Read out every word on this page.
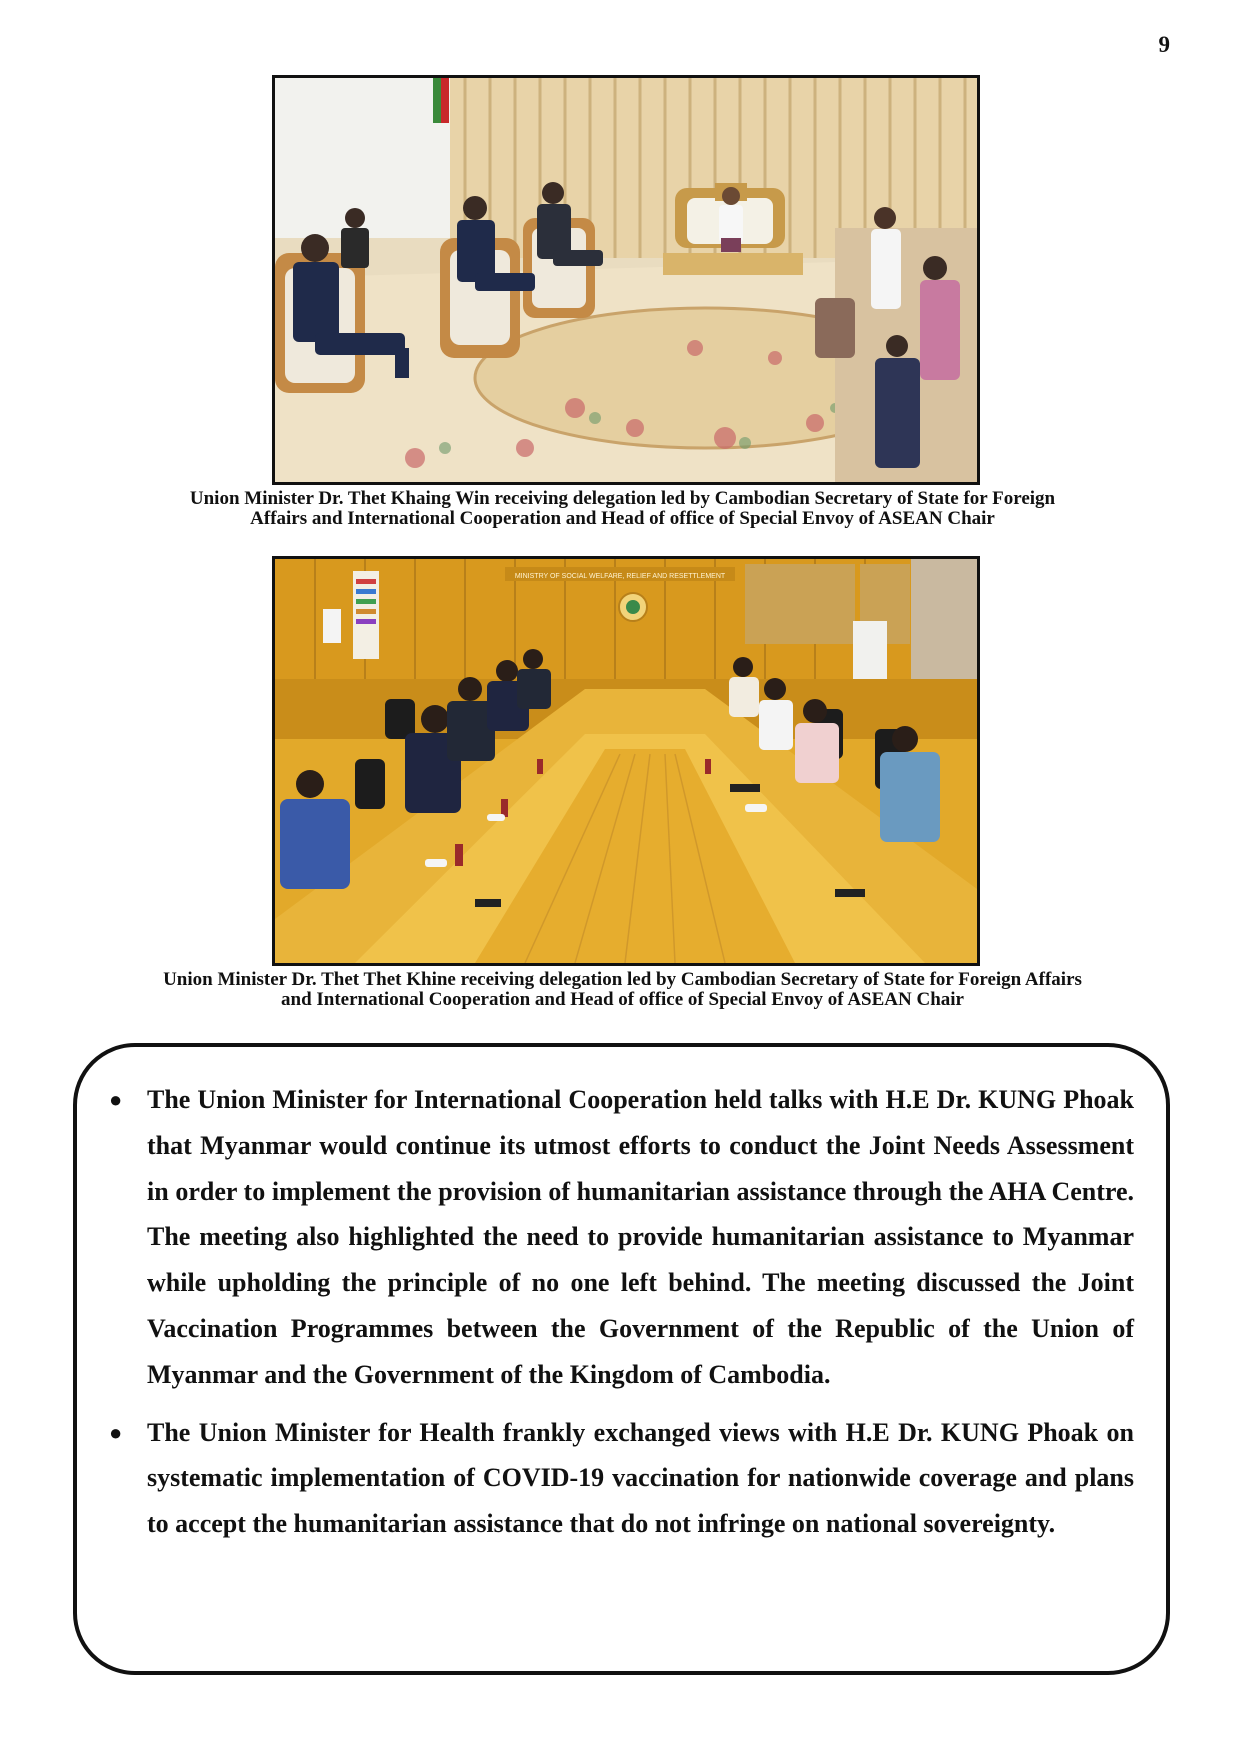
9
Union Minister Dr. Thet Khaing Win receiving delegation led by Cambodian Secretary of State for Foreign Affairs and International Cooperation and Head of office of Special Envoy of ASEAN Chair
MINISTRY OF SOCIAL WELFARE, RELIEF AND RESETTLEMENT
Union Minister Dr. Thet Thet Khine receiving delegation led by Cambodian Secretary of State for Foreign Affairs and International Cooperation and Head of office of Special Envoy of ASEAN Chair
● The Union Minister for International Cooperation held talks with H.E Dr. KUNG Phoak that Myanmar would continue its utmost efforts to conduct the Joint Needs Assessment in order to implement the provision of humanitarian assistance through the AHA Centre. The meeting also highlighted the need to provide humanitarian assistance to Myanmar while upholding the principle of no one left behind. The meeting discussed the Joint Vaccination Programmes between the Government of the Republic of the Union of Myanmar and the Government of the Kingdom of Cambodia.
● The Union Minister for Health frankly exchanged views with H.E Dr. KUNG Phoak on systematic implementation of COVID-19 vaccination for nationwide coverage and plans to accept the humanitarian assistance that do not infringe on national sovereignty.
